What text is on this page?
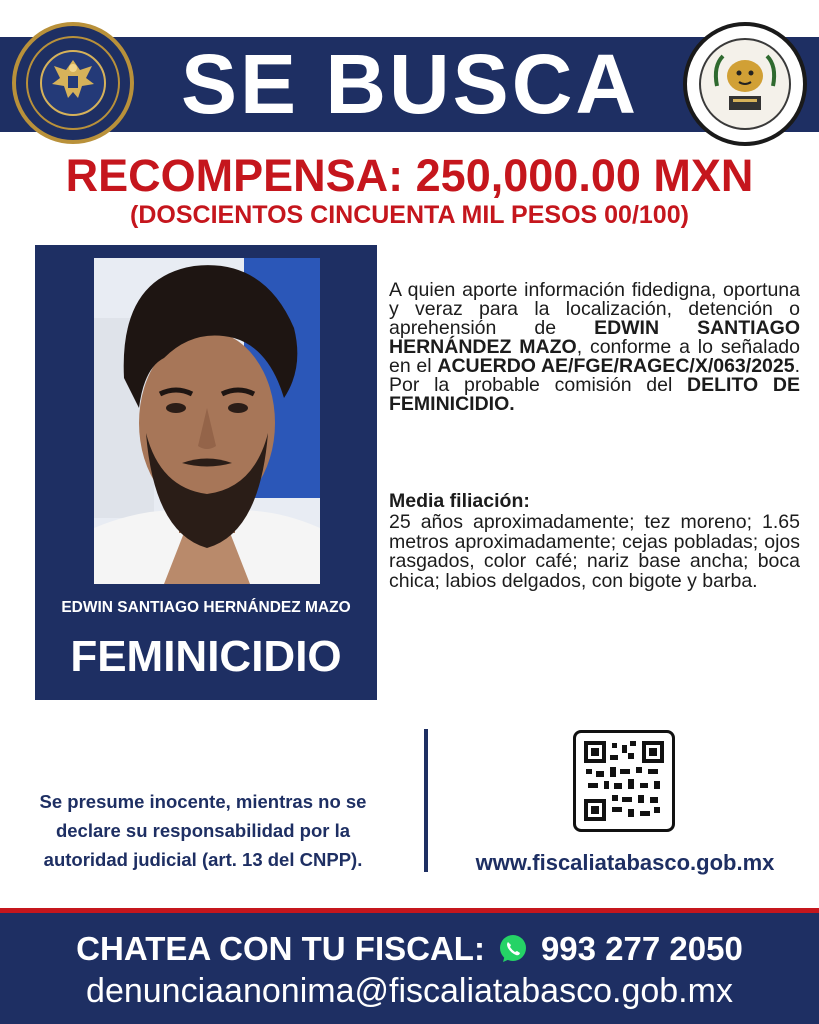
SE BUSCA
RECOMPENSA: 250,000.00 MXN
(DOSCIENTOS CINCUENTA MIL PESOS 00/100)
EDWIN SANTIAGO HERNÁNDEZ MAZO
FEMINICIDIO
A quien aporte información fidedigna, oportuna y veraz para la localización, detención o aprehensión de EDWIN SANTIAGO HERNÁNDEZ MAZO, conforme a lo señalado en el ACUERDO AE/FGE/RAGEC/X/063/2025. Por la probable comisión del DELITO DE FEMINICIDIO.
Media filiación:
25 años aproximadamente; tez moreno; 1.65 metros aproximadamente; cejas pobladas; ojos rasgados, color café; nariz base ancha; boca chica; labios delgados, con bigote y barba.
Se presume inocente, mientras no se
declare su responsabilidad por la
autoridad judicial (art. 13 del CNPP).	www.fiscaliatabasco.gob.mx
CHATEA CON TU FISCAL: 993 277 2050
denunciaanonima@fiscaliatabasco.gob.mx
